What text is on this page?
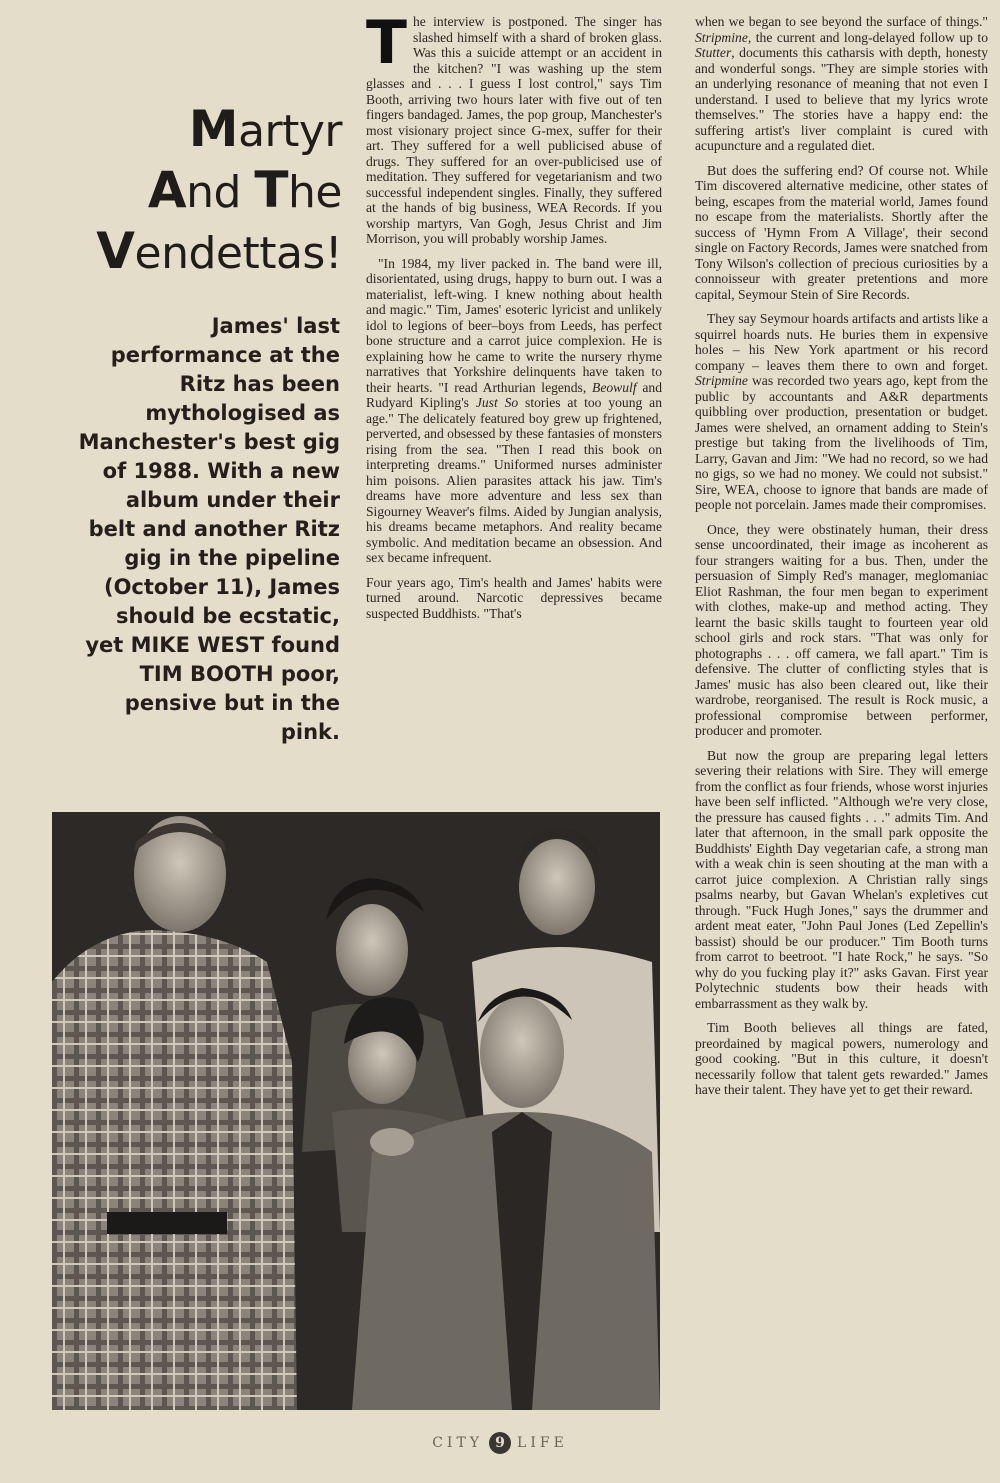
Martyr
And The
Vendettas!
James' last performance at the Ritz has been mythologised as Manchester's best gig of 1988. With a new album under their belt and another Ritz gig in the pipeline (October 11), James should be ecstatic, yet MIKE WEST found TIM BOOTH poor, pensive but in the pink.

The interview is postponed. The singer has slashed himself with a shard of broken glass. Was this a suicide attempt or an accident in the kitchen? "I was washing up the stem glasses and . . . I guess I lost control," says Tim Booth, arriving two hours later with five out of ten fingers bandaged. James, the pop group, Manchester's most visionary project since G-mex, suffer for their art. They suffered for a well publicised abuse of drugs. They suffered for an over-publicised use of meditation. They suffered for vegetarianism and two successful independent singles. Finally, they suffered at the hands of big business, WEA Records. If you worship martyrs, Van Gogh, Jesus Christ and Jim Morrison, you will probably worship James.

"In 1984, my liver packed in. The band were ill, disorientated, using drugs, happy to burn out. I was a materialist, left-wing. I knew nothing about health and magic." Tim, James' esoteric lyricist and unlikely idol to legions of beer–boys from Leeds, has perfect bone structure and a carrot juice complexion. He is explaining how he came to write the nursery rhyme narratives that Yorkshire delinquents have taken to their hearts. "I read Arthurian legends, Beowulf and Rudyard Kipling's Just So stories at too young an age." The delicately featured boy grew up frightened, perverted, and obsessed by these fantasies of monsters rising from the sea. "Then I read this book on interpreting dreams." Uniformed nurses administer him poisons. Alien parasites attack his jaw. Tim's dreams have more adventure and less sex than Sigourney Weaver's films. Aided by Jungian analysis, his dreams became metaphors. And reality became symbolic. And meditation became an obsession. And sex became infrequent.

Four years ago, Tim's health and James' habits were turned around. Narcotic depressives became suspected Buddhists. "That's

when we began to see beyond the surface of things." Stripmine, the current and long-delayed follow up to Stutter, documents this catharsis with depth, honesty and wonderful songs. "They are simple stories with an underlying resonance of meaning that not even I understand. I used to believe that my lyrics wrote themselves." The stories have a happy end: the suffering artist's liver complaint is cured with acupuncture and a regulated diet.

But does the suffering end? Of course not. While Tim discovered alternative medicine, other states of being, escapes from the material world, James found no escape from the materialists. Shortly after the success of 'Hymn From A Village', their second single on Factory Records, James were snatched from Tony Wilson's collection of precious curiosities by a connoisseur with greater pretentions and more capital, Seymour Stein of Sire Records.

They say Seymour hoards artifacts and artists like a squirrel hoards nuts. He buries them in expensive holes – his New York apartment or his record company – leaves them there to own and forget. Stripmine was recorded two years ago, kept from the public by accountants and A&R departments quibbling over production, presentation or budget. James were shelved, an ornament adding to Stein's prestige but taking from the livelihoods of Tim, Larry, Gavan and Jim: "We had no record, so we had no gigs, so we had no money. We could not subsist." Sire, WEA, choose to ignore that bands are made of people not porcelain. James made their compromises.

Once, they were obstinately human, their dress sense uncoordinated, their image as incoherent as four strangers waiting for a bus. Then, under the persuasion of Simply Red's manager, meglomaniac Eliot Rashman, the four men began to experiment with clothes, make-up and method acting. They learnt the basic skills taught to fourteen year old school girls and rock stars. "That was only for photographs . . . off camera, we fall apart." Tim is defensive. The clutter of conflicting styles that is James' music has also been cleared out, like their wardrobe, reorganised. The result is Rock music, a professional compromise between performer, producer and promoter.

But now the group are preparing legal letters severing their relations with Sire. They will emerge from the conflict as four friends, whose worst injuries have been self inflicted. "Although we're very close, the pressure has caused fights . . ." admits Tim. And later that afternoon, in the small park opposite the Buddhists' Eighth Day vegetarian cafe, a strong man with a weak chin is seen shouting at the man with a carrot juice complexion. A Christian rally sings psalms nearby, but Gavan Whelan's expletives cut through. "Fuck Hugh Jones," says the drummer and ardent meat eater, "John Paul Jones (Led Zepellin's bassist) should be our producer." Tim Booth turns from carrot to beetroot. "I hate Rock," he says. "So why do you fucking play it?" asks Gavan. First year Polytechnic students bow their heads with embarrassment as they walk by.

Tim Booth believes all things are fated, preordained by magical powers, numerology and good cooking. "But in this culture, it doesn't necessarily follow that talent gets rewarded." James have their talent. They have yet to get their reward.

CITY 9 LIFE
